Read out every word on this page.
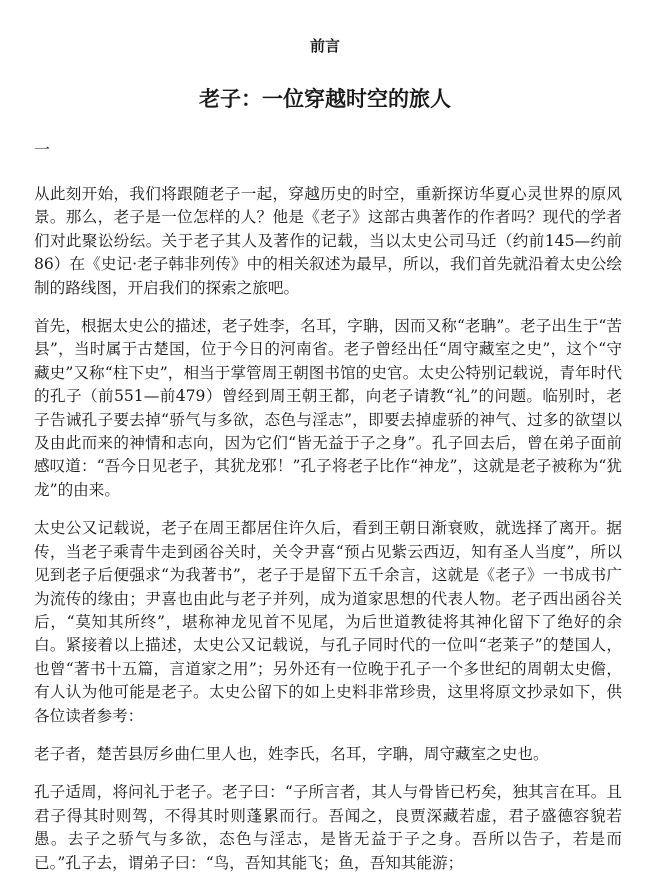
前言
老子：一位穿越时空的旅人
一

从此刻开始，我们将跟随老子一起，穿越历史的时空，重新探访华夏心灵世界的原风景。那么，老子是一位怎样的人？他是《老子》这部古典著作的作者吗？现代的学者们对此聚讼纷纭。关于老子其人及著作的记载，当以太史公司马迁（约前145—约前86）在《史记·老子韩非列传》中的相关叙述为最早，所以，我们首先就沿着太史公绘制的路线图，开启我们的探索之旅吧。

首先，根据太史公的描述，老子姓李，名耳，字聃，因而又称“老聃”。老子出生于“苦县”，当时属于古楚国，位于今日的河南省。老子曾经出任“周守藏室之史”，这个“守藏史”又称“柱下史”，相当于掌管周王朝图书馆的史官。太史公特别记载说，青年时代的孔子（前551—前479）曾经到周王朝王都，向老子请教“礼”的问题。临别时，老子告诫孔子要去掉“骄气与多欲，态色与淫志”，即要去掉虚骄的神气、过多的欲望以及由此而来的神情和志向，因为它们“皆无益于子之身”。孔子回去后，曾在弟子面前感叹道：“吾今日见老子，其犹龙邪！”孔子将老子比作“神龙”，这就是老子被称为“犹龙”的由来。

太史公又记载说，老子在周王都居住许久后，看到王朝日渐衰败，就选择了离开。据传，当老子乘青牛走到函谷关时，关令尹喜“预占见紫云西迈，知有圣人当度”，所以见到老子后便强求“为我著书”，老子于是留下五千余言，这就是《老子》一书成书广为流传的缘由；尹喜也由此与老子并列，成为道家思想的代表人物。老子西出函谷关后，“莫知其所终”，堪称神龙见首不见尾，为后世道教徒将其神化留下了绝好的余白。紧接着以上描述，太史公又记载说，与孔子同时代的一位叫“老莱子”的楚国人，也曾“著书十五篇，言道家之用”；另外还有一位晚于孔子一个多世纪的周朝太史儋，有人认为他可能是老子。太史公留下的如上史料非常珍贵，这里将原文抄录如下，供各位读者参考：

老子者，楚苦县厉乡曲仁里人也，姓李氏，名耳，字聃，周守藏室之史也。

孔子适周，将问礼于老子。老子曰：“子所言者，其人与骨皆已朽矣，独其言在耳。且君子得其时则驾，不得其时则蓬累而行。吾闻之，良贾深藏若虚，君子盛德容貌若愚。去子之骄气与多欲，态色与淫志，是皆无益于子之身。吾所以告子，若是而已。”孔子去，谓弟子曰：“鸟，吾知其能飞；鱼，吾知其能游；
